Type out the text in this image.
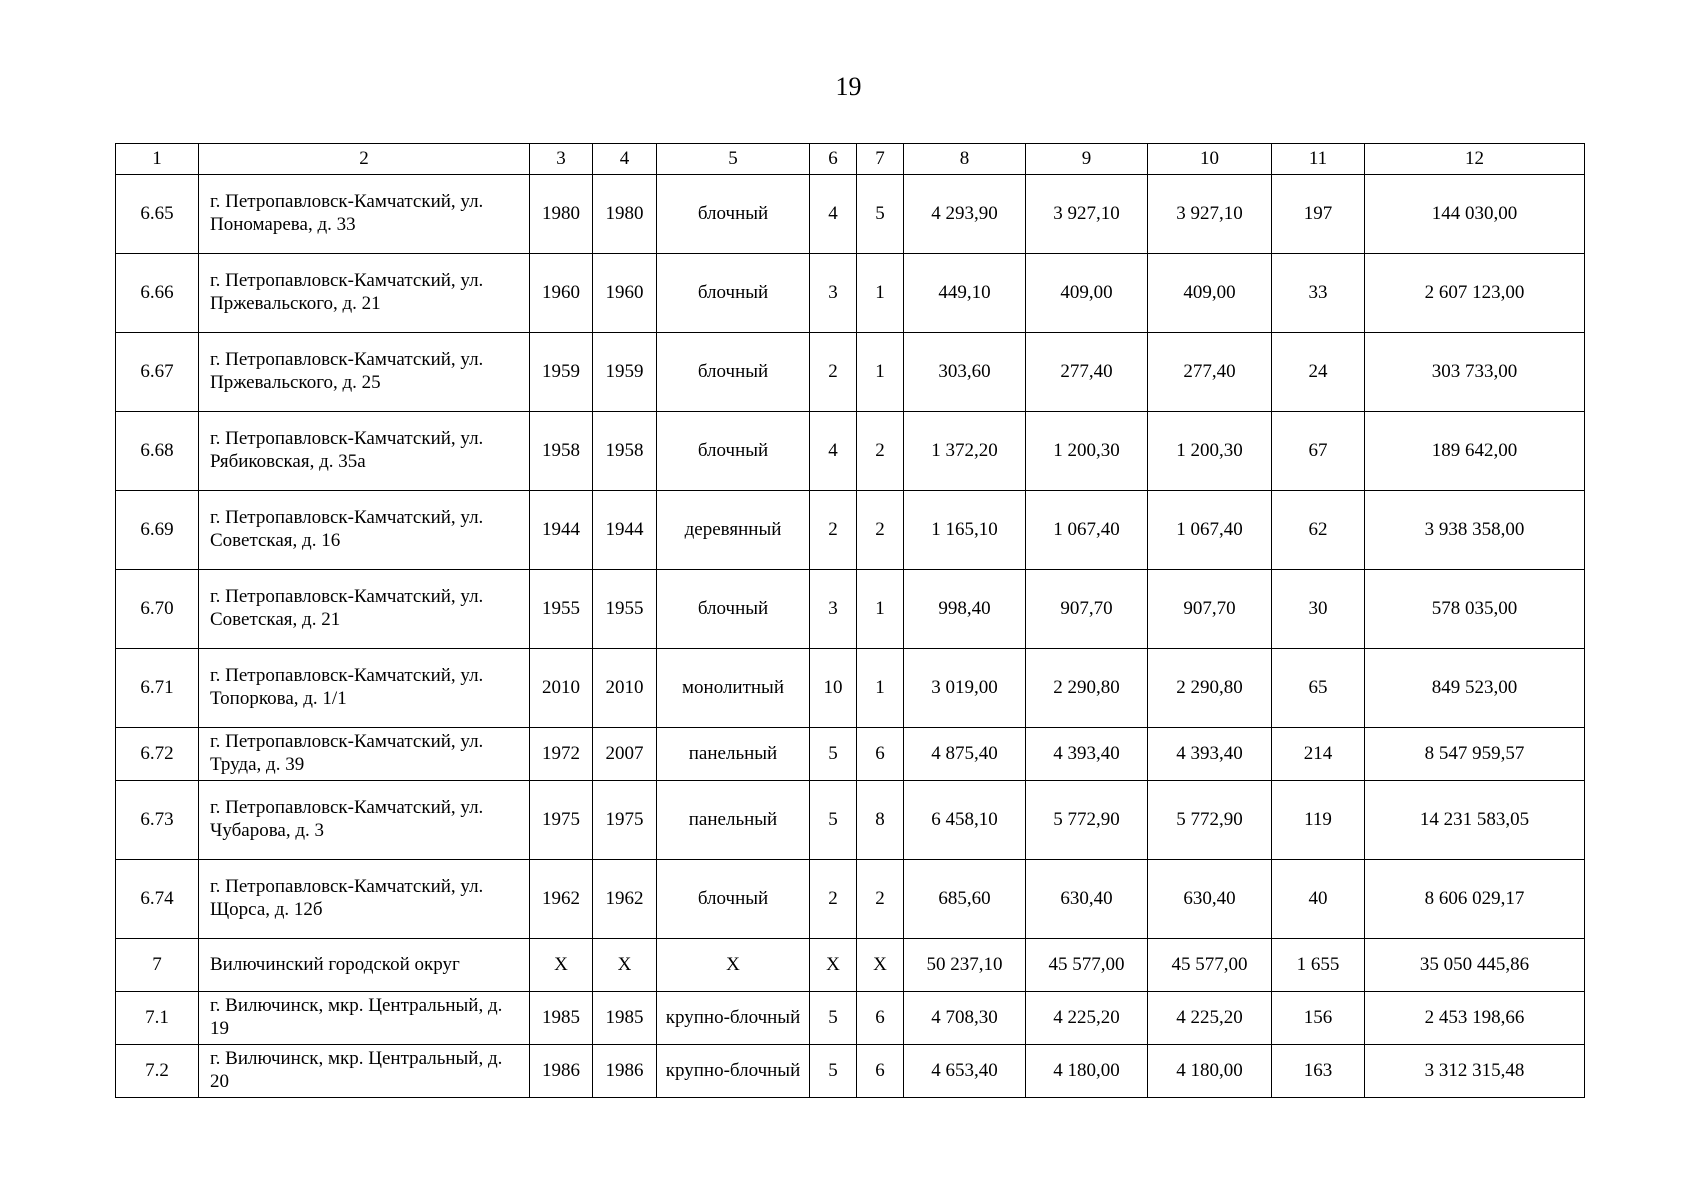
19
1	2	3	4	5	6	7	8	9	10	11	12
6.65	г. Петропавловск-Камчатский, ул. Пономарева, д. 33	1980	1980	блочный	4	5	4 293,90	3 927,10	3 927,10	197	144 030,00
6.66	г. Петропавловск-Камчатский, ул. Пржевальского, д. 21	1960	1960	блочный	3	1	449,10	409,00	409,00	33	2 607 123,00
6.67	г. Петропавловск-Камчатский, ул. Пржевальского, д. 25	1959	1959	блочный	2	1	303,60	277,40	277,40	24	303 733,00
6.68	г. Петропавловск-Камчатский, ул. Рябиковская, д. 35а	1958	1958	блочный	4	2	1 372,20	1 200,30	1 200,30	67	189 642,00
6.69	г. Петропавловск-Камчатский, ул. Советская, д. 16	1944	1944	деревянный	2	2	1 165,10	1 067,40	1 067,40	62	3 938 358,00
6.70	г. Петропавловск-Камчатский, ул. Советская, д. 21	1955	1955	блочный	3	1	998,40	907,70	907,70	30	578 035,00
6.71	г. Петропавловск-Камчатский, ул. Топоркова, д. 1/1	2010	2010	монолитный	10	1	3 019,00	2 290,80	2 290,80	65	849 523,00
6.72	г. Петропавловск-Камчатский, ул. Труда, д. 39	1972	2007	панельный	5	6	4 875,40	4 393,40	4 393,40	214	8 547 959,57
6.73	г. Петропавловск-Камчатский, ул. Чубарова, д. 3	1975	1975	панельный	5	8	6 458,10	5 772,90	5 772,90	119	14 231 583,05
6.74	г. Петропавловск-Камчатский, ул. Щорса, д. 12б	1962	1962	блочный	2	2	685,60	630,40	630,40	40	8 606 029,17
7	Вилючинский городской округ	X	X	X	X	X	50 237,10	45 577,00	45 577,00	1 655	35 050 445,86
7.1	г. Вилючинск, мкр. Центральный, д. 19	1985	1985	крупно-блочный	5	6	4 708,30	4 225,20	4 225,20	156	2 453 198,66
7.2	г. Вилючинск, мкр. Центральный, д. 20	1986	1986	крупно-блочный	5	6	4 653,40	4 180,00	4 180,00	163	3 312 315,48
